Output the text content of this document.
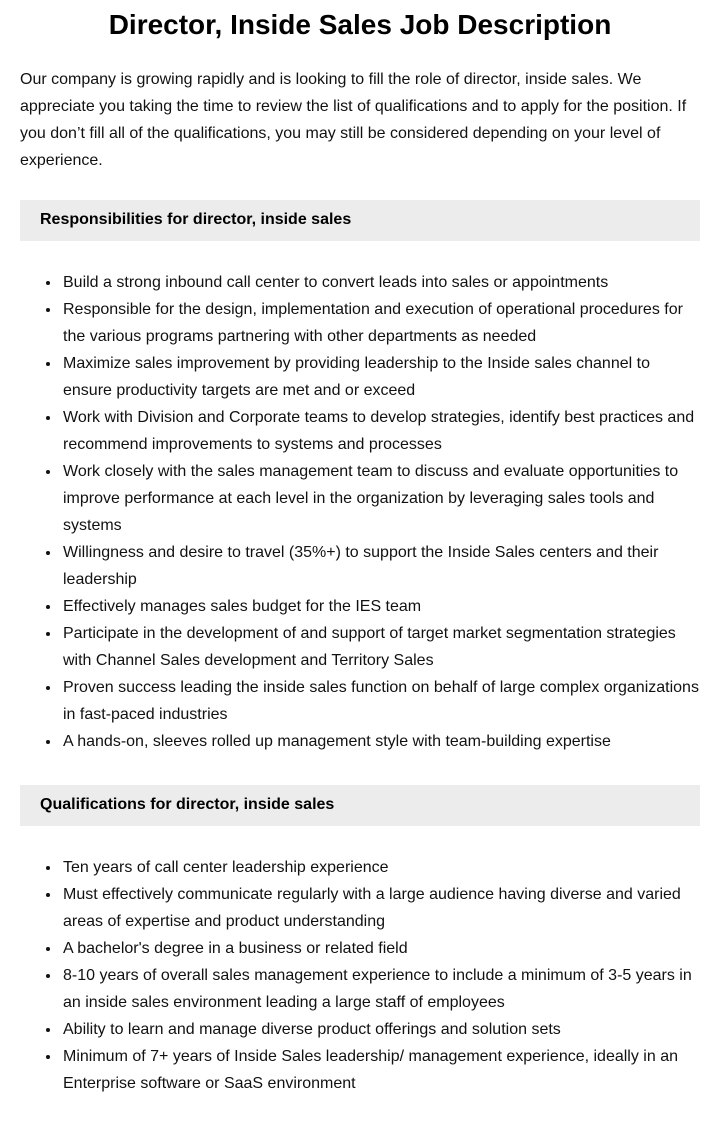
Director, Inside Sales Job Description

Our company is growing rapidly and is looking to fill the role of director, inside sales. We appreciate you taking the time to review the list of qualifications and to apply for the position. If you don’t fill all of the qualifications, you may still be considered depending on your level of experience.

Responsibilities for director, inside sales
• Build a strong inbound call center to convert leads into sales or appointments
• Responsible for the design, implementation and execution of operational procedures for the various programs partnering with other departments as needed
• Maximize sales improvement by providing leadership to the Inside sales channel to ensure productivity targets are met and or exceed
• Work with Division and Corporate teams to develop strategies, identify best practices and recommend improvements to systems and processes
• Work closely with the sales management team to discuss and evaluate opportunities to improve performance at each level in the organization by leveraging sales tools and systems
• Willingness and desire to travel (35%+) to support the Inside Sales centers and their leadership
• Effectively manages sales budget for the IES team
• Participate in the development of and support of target market segmentation strategies with Channel Sales development and Territory Sales
• Proven success leading the inside sales function on behalf of large complex organizations in fast-paced industries
• A hands-on, sleeves rolled up management style with team-building expertise
Qualifications for director, inside sales
• Ten years of call center leadership experience
• Must effectively communicate regularly with a large audience having diverse and varied areas of expertise and product understanding
• A bachelor's degree in a business or related field
• 8-10 years of overall sales management experience to include a minimum of 3-5 years in an inside sales environment leading a large staff of employees
• Ability to learn and manage diverse product offerings and solution sets
• Minimum of 7+ years of Inside Sales leadership/ management experience, ideally in an Enterprise software or SaaS environment
